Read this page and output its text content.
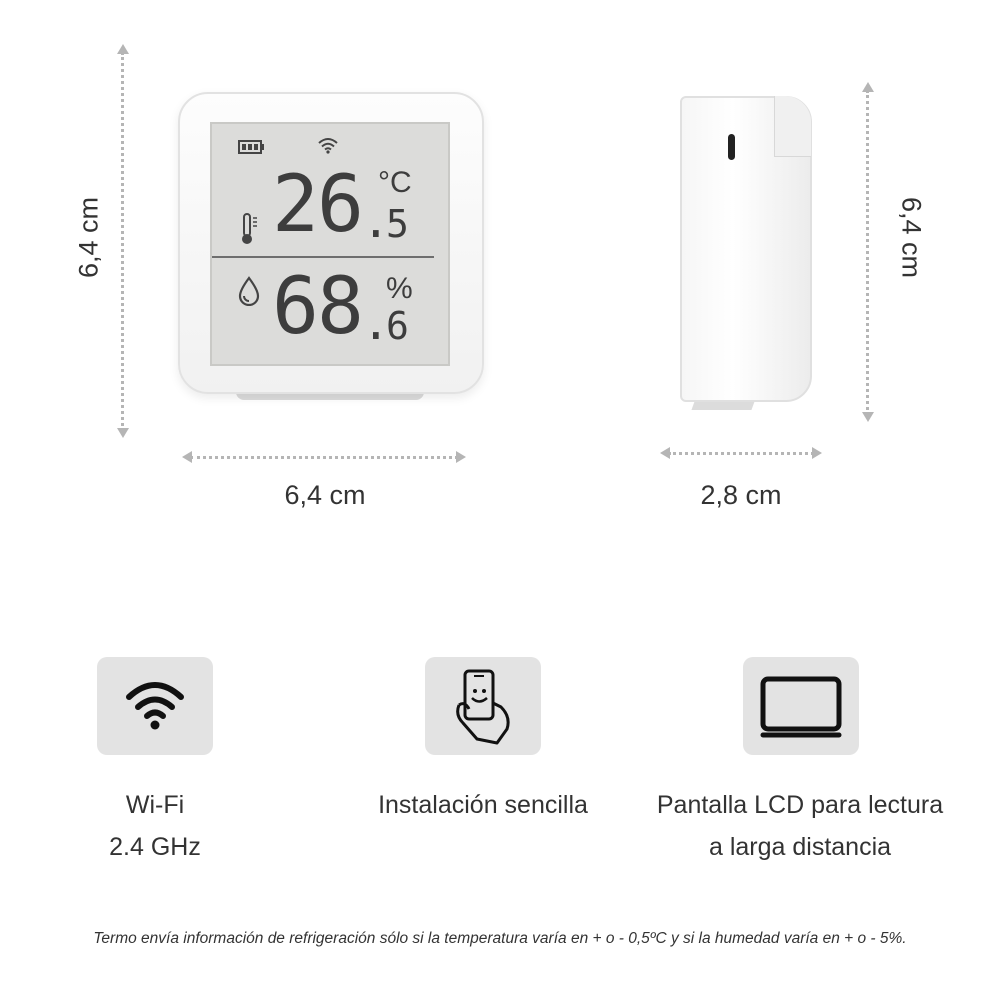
6,4 cm 26 .
5
°C
68 .
6
%
6,4 cm	2,8 cm
6,4 cm
Wi-Fi
2.4 GHz
Instalación sencilla	Pantalla LCD para lectura
a larga distancia
Termo envía información de refrigeración sólo si la temperatura varía en + o - 0,5ºC y si la humedad varía en + o - 5%.
